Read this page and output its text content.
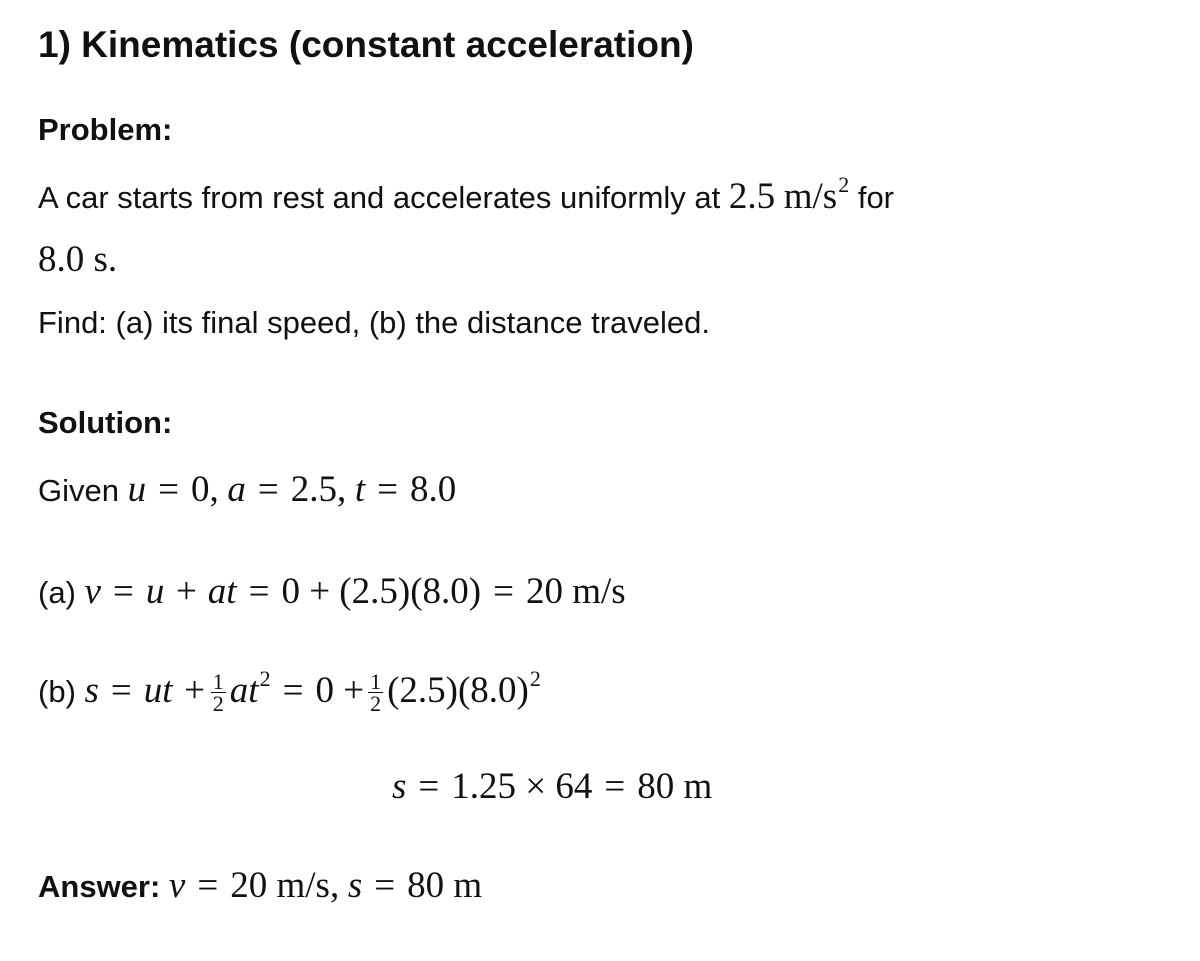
1) Kinematics (constant acceleration)
Problem:
A car starts from rest and accelerates uniformly at 2.5 $m/s^2$ for
8.0 s.
Find: (a) its final speed, (b) the distance traveled.
Solution:
Given u = 0, a = 2.5, t = 8.0
(a) v = u + at = 0 + (2.5)(8.0) = 20 m/s
(b) s = ut + $\frac{1}{2} at^2 = 0 + \frac{1}{2} (2.5)(8.0)^2$
s = 1.25 × 64 = 80 m
Answer: v = 20 m/s, s = 80 m
